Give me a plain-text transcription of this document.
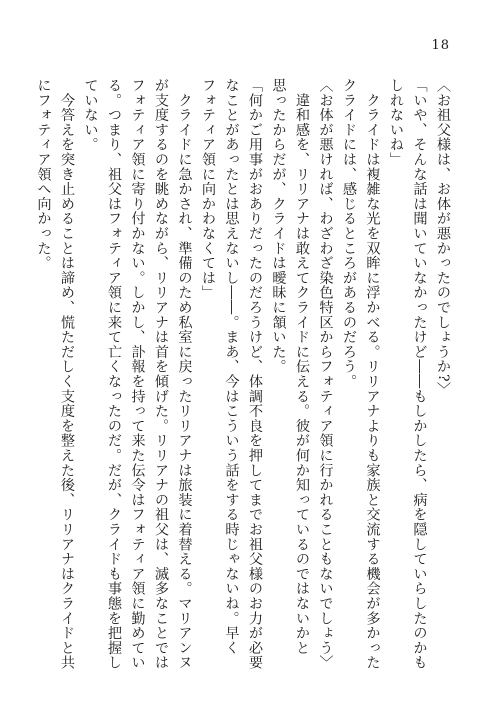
18

〈お祖父様は、お体が悪かったのでしょうか?〉

「いや、そんな話は聞いていなかったけど――もしかしたら、病を隠していらしたのかも

しれないね」

　クライドは複雑な光を双眸に浮かべる。リリアナよりも家族と交流する機会が多かった

クライドには、感じるところがあるのだろう。

〈お体が悪ければ、わざわざ染色特区からフォティア領に行かれることもないでしょう〉

　違和感を、リリアナは敢えてクライドに伝える。彼が何か知っているのではないかと

思ったからだが、クライドは曖昧に頷いた。

「何かご用事がおありだったのだろうけど、体調不良を押してまでお祖父様のお力が必要

なことがあったとは思えないし――。まあ、今はこういう話をする時じゃないね。早く

フォティア領に向かわなくては」

　クライドに急かされ、準備のため私室に戻ったリリアナは旅装に着替える。マリアンヌ

が支度するのを眺めながら、リリアナは首を傾げた。リリアナの祖父は、滅多なことでは

フォティア領に寄り付かない。しかし、訃報を持って来た伝令はフォティア領に勤めてい

る。つまり、祖父はフォティア領に来て亡くなったのだ。だが、クライドも事態を把握し

ていない。

　今答えを突き止めることは諦め、慌ただしく支度を整えた後、リリアナはクライドと共

にフォティア領へ向かった。
